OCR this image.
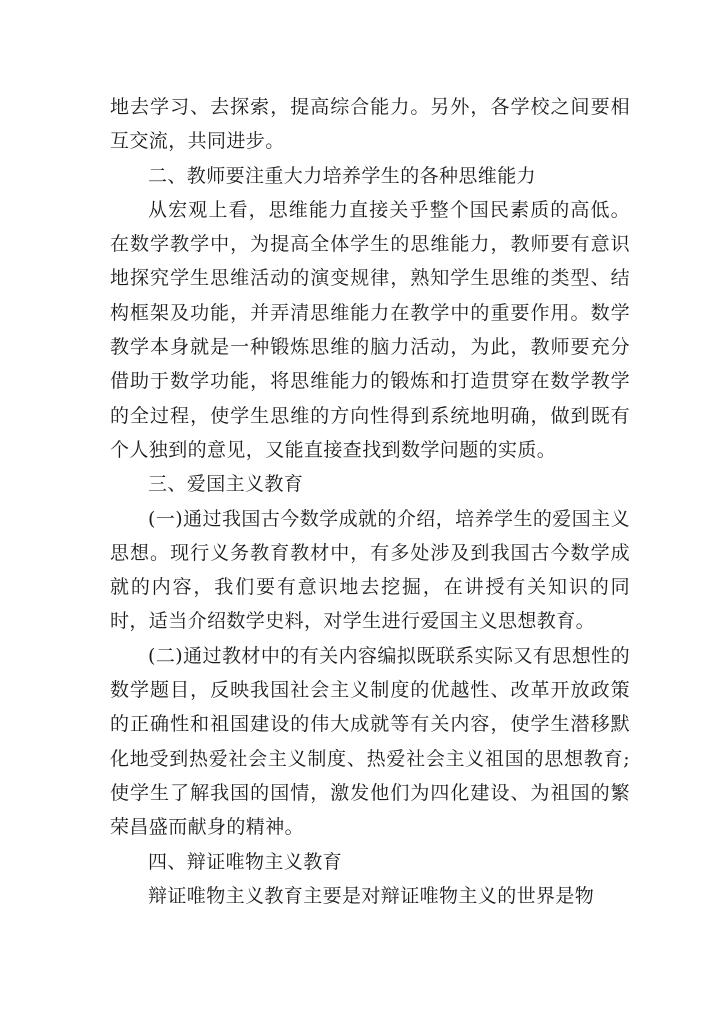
地去学习、去探索，提高综合能力。另外，各学校之间要相互交流，共同进步。

二、教师要注重大力培养学生的各种思维能力

从宏观上看，思维能力直接关乎整个国民素质的高低。在数学教学中，为提高全体学生的思维能力，教师要有意识地探究学生思维活动的演变规律，熟知学生思维的类型、结构框架及功能，并弄清思维能力在教学中的重要作用。数学教学本身就是一种锻炼思维的脑力活动，为此，教师要充分借助于数学功能，将思维能力的锻炼和打造贯穿在数学教学的全过程，使学生思维的方向性得到系统地明确，做到既有个人独到的意见，又能直接查找到数学问题的实质。

三、爱国主义教育

(一)通过我国古今数学成就的介绍，培养学生的爱国主义思想。现行义务教育教材中，有多处涉及到我国古今数学成就的内容，我们要有意识地去挖掘，在讲授有关知识的同时，适当介绍数学史料，对学生进行爱国主义思想教育。

(二)通过教材中的有关内容编拟既联系实际又有思想性的数学题目，反映我国社会主义制度的优越性、改革开放政策的正确性和祖国建设的伟大成就等有关内容，使学生潜移默化地受到热爱社会主义制度、热爱社会主义祖国的思想教育;使学生了解我国的国情，激发他们为四化建设、为祖国的繁荣昌盛而献身的精神。

四、辩证唯物主义教育

辩证唯物主义教育主要是对辩证唯物主义的世界是物
